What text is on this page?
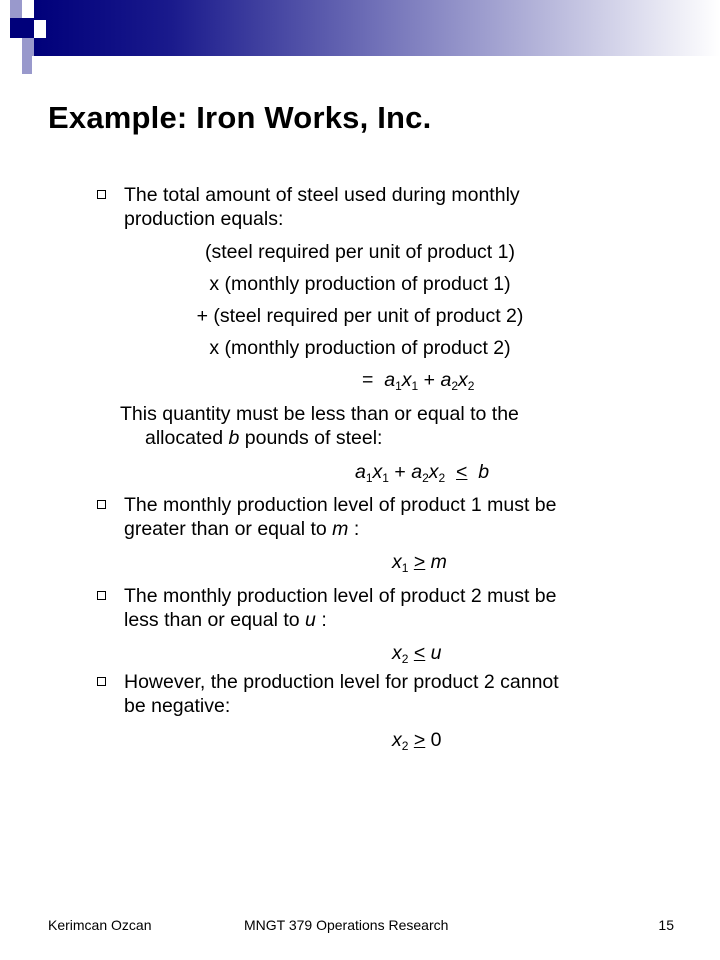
Example: Iron Works, Inc.
The total amount of steel used during monthly
production equals:
(steel required per unit of product 1)
x (monthly production of product 1)
+ (steel required per unit of product 2)
x (monthly production of product 2)
= $a_1x_1 + a_2x_2$
This quantity must be less than or equal to the
allocated b pounds of steel:
$a_1x_1 + a_2x_2 \le b$
The monthly production level of product 1 must be
greater than or equal to m :
$x_1 \ge m$
The monthly production level of product 2 must be
less than or equal to u :
$x_2 \le u$
However, the production level for product 2 cannot
be negative:
$x_2 \ge 0$
Kerimcan Ozcan	MNGT 379 Operations Research	15
